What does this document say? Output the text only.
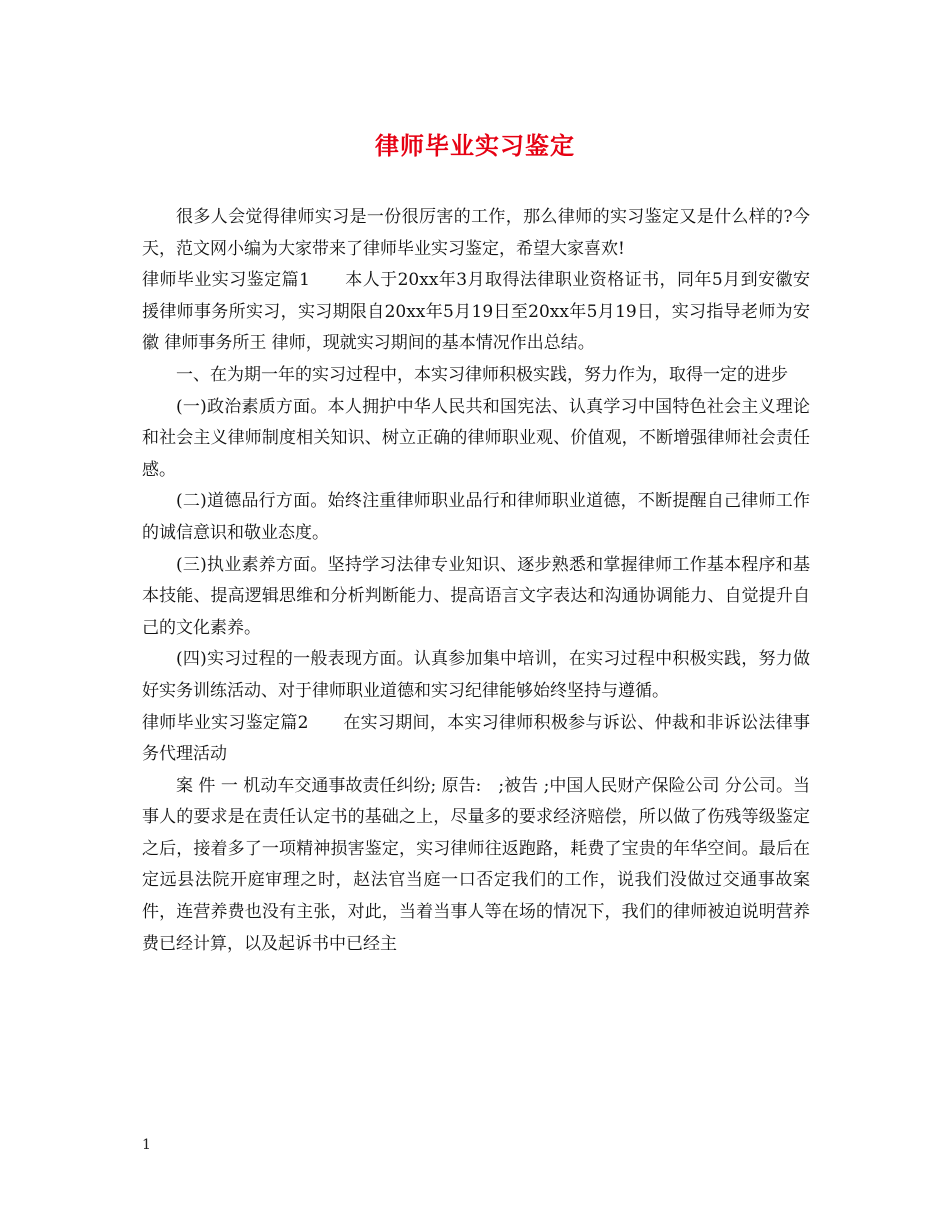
律师毕业实习鉴定

很多人会觉得律师实习是一份很厉害的工作，那么律师的实习鉴定又是什么样的?今天，范文网小编为大家带来了律师毕业实习鉴定，希望大家喜欢!

律师毕业实习鉴定篇1　　本人于20xx年3月取得法律职业资格证书，同年5月到安徽安援律师事务所实习，实习期限自20xx年5月19日至20xx年5月19日，实习指导老师为安徽 律师事务所王 律师，现就实习期间的基本情况作出总结。

一、在为期一年的实习过程中，本实习律师积极实践，努力作为，取得一定的进步

(一)政治素质方面。本人拥护中华人民共和国宪法、认真学习中国特色社会主义理论和社会主义律师制度相关知识、树立正确的律师职业观、价值观，不断增强律师社会责任感。

(二)道德品行方面。始终注重律师职业品行和律师职业道德，不断提醒自己律师工作的诚信意识和敬业态度。

(三)执业素养方面。坚持学习法律专业知识、逐步熟悉和掌握律师工作基本程序和基本技能、提高逻辑思维和分析判断能力、提高语言文字表达和沟通协调能力、自觉提升自己的文化素养。

(四)实习过程的一般表现方面。认真参加集中培训，在实习过程中积极实践，努力做好实务训练活动、对于律师职业道德和实习纪律能够始终坚持与遵循。

律师毕业实习鉴定篇2　　在实习期间，本实习律师积极参与诉讼、仲裁和非诉讼法律事务代理活动

案 件 一 机动车交通事故责任纠纷; 原告:　;被告 ;中国人民财产保险公司 分公司。当事人的要求是在责任认定书的基础之上，尽量多的要求经济赔偿，所以做了伤残等级鉴定之后，接着多了一项精神损害鉴定，实习律师往返跑路，耗费了宝贵的年华空间。最后在定远县法院开庭审理之时，赵法官当庭一口否定我们的工作，说我们没做过交通事故案件，连营养费也没有主张，对此，当着当事人等在场的情况下，我们的律师被迫说明营养费已经计算，以及起诉书中已经主

1
